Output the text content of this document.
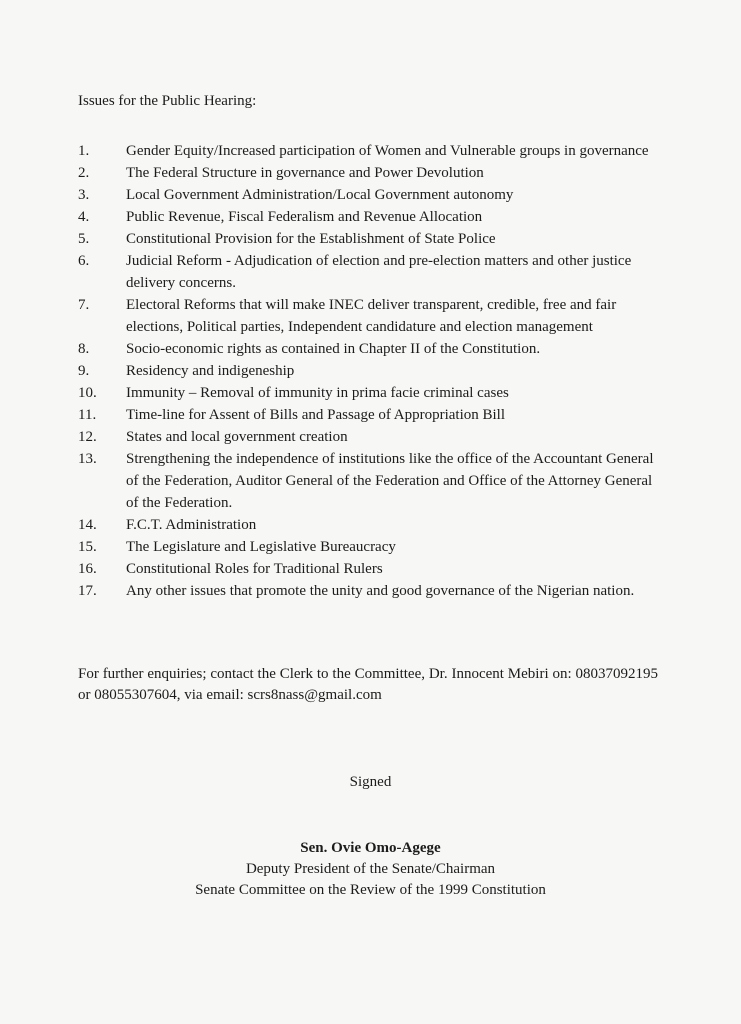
Issues for the Public Hearing:
1.	Gender Equity/Increased participation of Women and Vulnerable groups in governance
2.	The Federal Structure in governance and Power Devolution
3.	Local Government Administration/Local Government autonomy
4.	Public Revenue, Fiscal Federalism and Revenue Allocation
5.	Constitutional Provision for the Establishment of State Police
6.	Judicial Reform - Adjudication of election and pre-election matters and other justice delivery concerns.
7.	Electoral Reforms that will make INEC deliver transparent, credible, free and fair elections, Political parties, Independent candidature and election management
8.	Socio-economic rights as contained in Chapter II of the Constitution.
9.	Residency and indigeneship
10.	Immunity – Removal of immunity in prima facie criminal cases
11.	Time-line for Assent of Bills and Passage of Appropriation Bill
12.	States and local government creation
13.	Strengthening the independence of institutions like the office of the Accountant General of the Federation, Auditor General of the Federation and Office of the Attorney General of the Federation.
14.	F.C.T. Administration
15.	The Legislature and Legislative Bureaucracy
16.	Constitutional Roles for Traditional Rulers
17.	Any other issues that promote the unity and good governance of the Nigerian nation.
For further enquiries; contact the Clerk to the Committee, Dr. Innocent Mebiri on: 08037092195 or 08055307604, via email: scrs8nass@gmail.com
Signed
Sen. Ovie Omo-Agege
Deputy President of the Senate/Chairman
Senate Committee on the Review of the 1999 Constitution
